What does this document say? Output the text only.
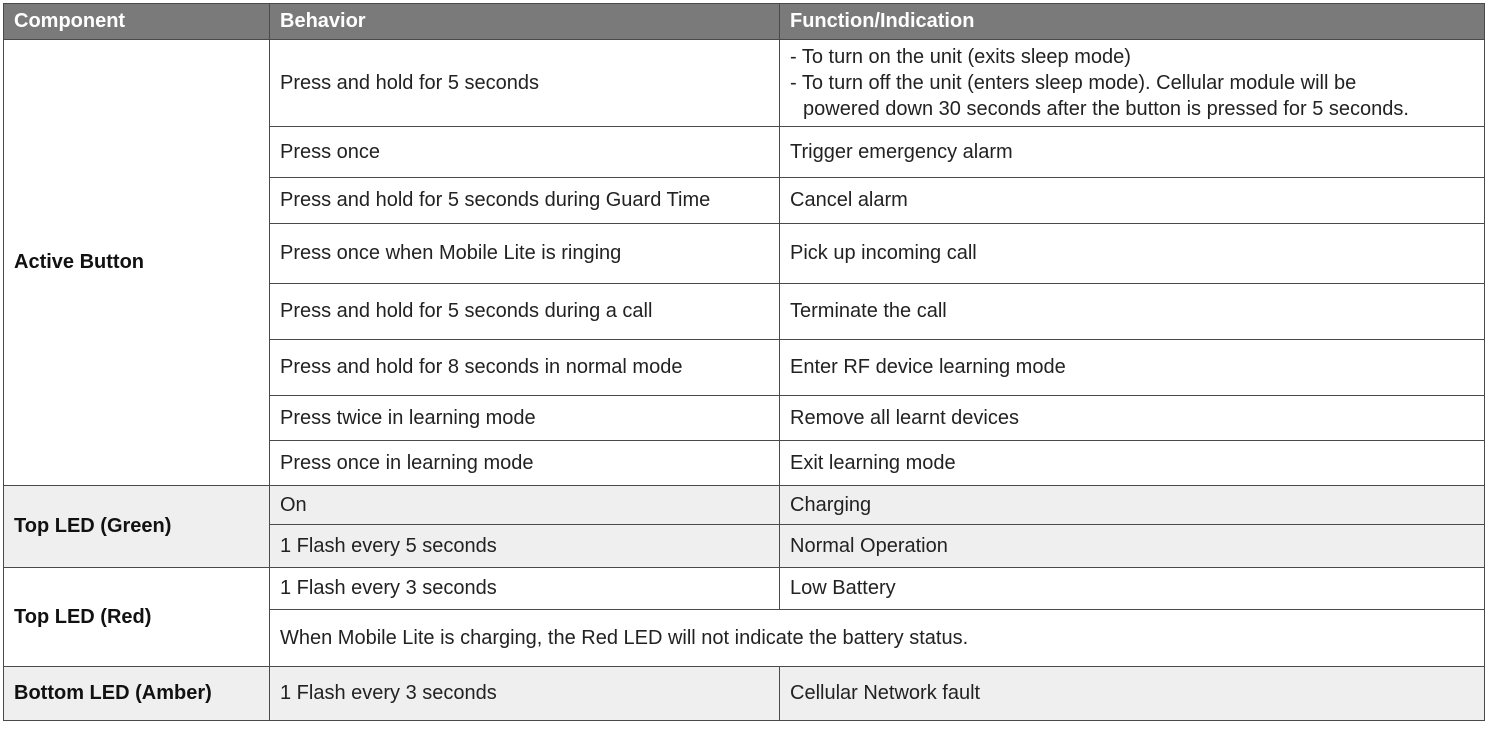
Component	Behavior	Function/Indication
Active Button	Press and hold for 5 seconds	- To turn on the unit (exits sleep mode)
- To turn off the unit (enters sleep mode). Cellular module will be
powered down 30 seconds after the button is pressed for 5 seconds.

	Press once	Trigger emergency alarm
	Press and hold for 5 seconds during Guard Time	Cancel alarm
	Press once when Mobile Lite is ringing	Pick up incoming call
	Press and hold for 5 seconds during a call	Terminate the call
	Press and hold for 8 seconds in normal mode	Enter RF device learning mode
	Press twice in learning mode	Remove all learnt devices
	Press once in learning mode	Exit learning mode
Top LED (Green)	On	Charging
	1 Flash every 5 seconds	Normal Operation
Top LED (Red)	1 Flash every 3 seconds	Low Battery
	When Mobile Lite is charging, the Red LED will not indicate the battery status.	
Bottom LED (Amber)	1 Flash every 3 seconds	Cellular Network fault
